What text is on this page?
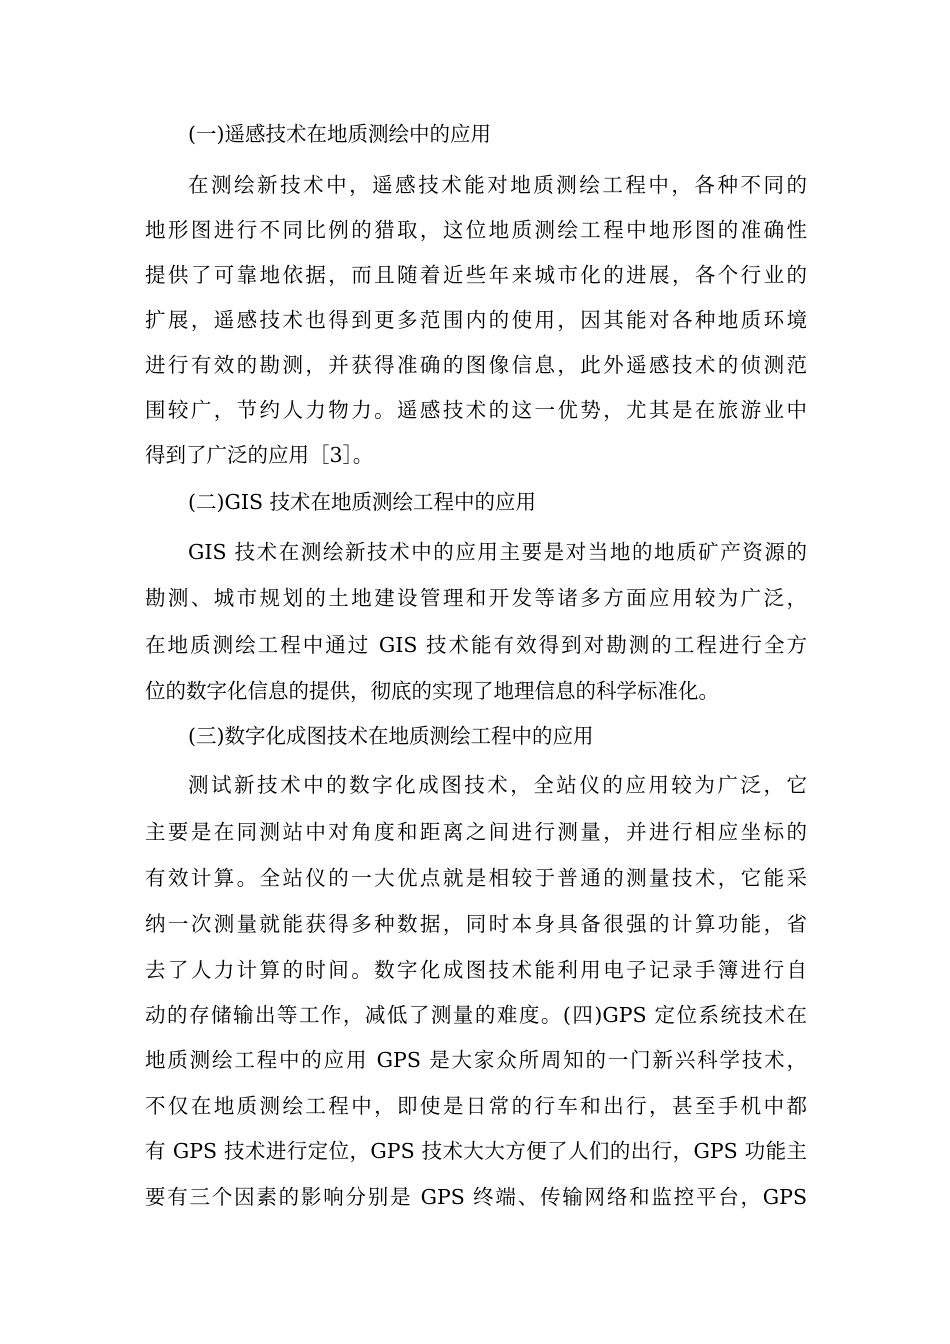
(一)遥感技术在地质测绘中的应用
在测绘新技术中，遥感技术能对地质测绘工程中，各种不同的
地形图进行不同比例的猎取，这位地质测绘工程中地形图的准确性
提供了可靠地依据，而且随着近些年来城市化的进展，各个行业的
扩展，遥感技术也得到更多范围内的使用，因其能对各种地质环境
进行有效的勘测，并获得准确的图像信息，此外遥感技术的侦测范
围较广，节约人力物力。遥感技术的这一优势，尤其是在旅游业中
得到了广泛的应用［3］。
(二)GIS 技术在地质测绘工程中的应用
GIS 技术在测绘新技术中的应用主要是对当地的地质矿产资源的
勘测、城市规划的土地建设管理和开发等诸多方面应用较为广泛，
在地质测绘工程中通过 GIS 技术能有效得到对勘测的工程进行全方
位的数字化信息的提供，彻底的实现了地理信息的科学标准化。
(三)数字化成图技术在地质测绘工程中的应用
测试新技术中的数字化成图技术，全站仪的应用较为广泛，它
主要是在同测站中对角度和距离之间进行测量，并进行相应坐标的
有效计算。全站仪的一大优点就是相较于普通的测量技术，它能采
纳一次测量就能获得多种数据，同时本身具备很强的计算功能，省
去了人力计算的时间。数字化成图技术能利用电子记录手簿进行自
动的存储输出等工作，减低了测量的难度。(四)GPS 定位系统技术在
地质测绘工程中的应用 GPS 是大家众所周知的一门新兴科学技术，
不仅在地质测绘工程中，即使是日常的行车和出行，甚至手机中都
有 GPS 技术进行定位，GPS 技术大大方便了人们的出行，GPS 功能主
要有三个因素的影响分别是 GPS 终端、传输网络和监控平台，GPS
